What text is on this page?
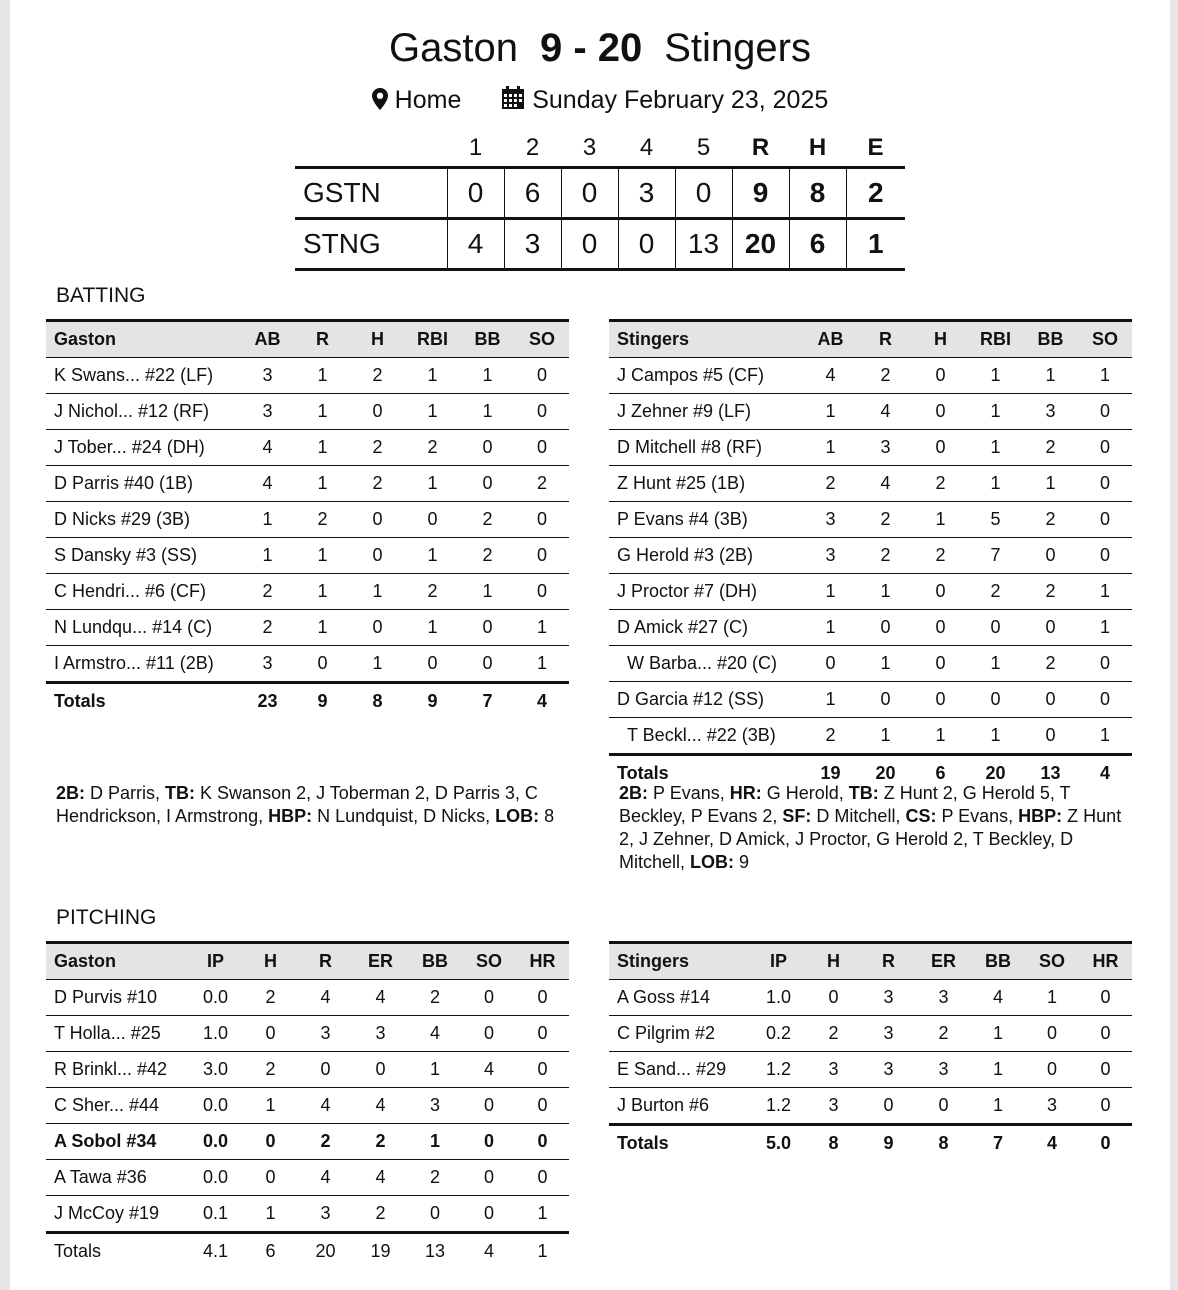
Gaston 9 - 20 Stingers
Home	Sunday February 23, 2025
	1	2	3	4	5	R	H	E
GSTN	0	6	0	3	0	9	8	2
STNG	4	3	0	0	13	20	6	1
BATTING
Gaston	AB	R	H	RBI	BB	SO
K Swans... #22 (LF)	3	1	2	1	1	0
J Nichol... #12 (RF)	3	1	0	1	1	0
J Tober... #24 (DH)	4	1	2	2	0	0
D Parris #40 (1B)	4	1	2	1	0	2
D Nicks #29 (3B)	1	2	0	0	2	0
S Dansky #3 (SS)	1	1	0	1	2	0
C Hendri... #6 (CF)	2	1	1	2	1	0
N Lundqu... #14 (C)	2	1	0	1	0	1
I Armstro... #11 (2B)	3	0	1	0	0	1
Totals	23	9	8	9	7	4
Stingers	AB	R	H	RBI	BB	SO
J Campos #5 (CF)	4	2	0	1	1	1
J Zehner #9 (LF)	1	4	0	1	3	0
D Mitchell #8 (RF)	1	3	0	1	2	0
Z Hunt #25 (1B)	2	4	2	1	1	0
P Evans #4 (3B)	3	2	1	5	2	0
G Herold #3 (2B)	3	2	2	7	0	0
J Proctor #7 (DH)	1	1	0	2	2	1
D Amick #27 (C)	1	0	0	0	0	1
W Barba... #20 (C)	0	1	0	1	2	0
D Garcia #12 (SS)	1	0	0	0	0	0
T Beckl... #22 (3B)	2	1	1	1	0	1
Totals	19	20	6	20	13	4
2B: D Parris, TB: K Swanson 2, J Toberman 2, D Parris 3, C Hendrickson, I Armstrong, HBP: N Lundquist, D Nicks, LOB: 8
2B: P Evans, HR: G Herold, TB: Z Hunt 2, G Herold 5, T Beckley, P Evans 2, SF: D Mitchell, CS: P Evans, HBP: Z Hunt 2, J Zehner, D Amick, J Proctor, G Herold 2, T Beckley, D Mitchell, LOB: 9
PITCHING
Gaston	IP	H	R	ER	BB	SO	HR
D Purvis #10	0.0	2	4	4	2	0	0
T Holla... #25	1.0	0	3	3	4	0	0
R Brinkl... #42	3.0	2	0	0	1	4	0
C Sher... #44	0.0	1	4	4	3	0	0
A Sobol #34	0.0	0	2	2	1	0	0
A Tawa #36	0.0	0	4	4	2	0	0
J McCoy #19	0.1	1	3	2	0	0	1
Totals	4.1	6	20	19	13	4	1
Stingers	IP	H	R	ER	BB	SO	HR
A Goss #14	1.0	0	3	3	4	1	0
C Pilgrim #2	0.2	2	3	2	1	0	0
E Sand... #29	1.2	3	3	3	1	0	0
J Burton #6	1.2	3	0	0	1	3	0
Totals	5.0	8	9	8	7	4	0
